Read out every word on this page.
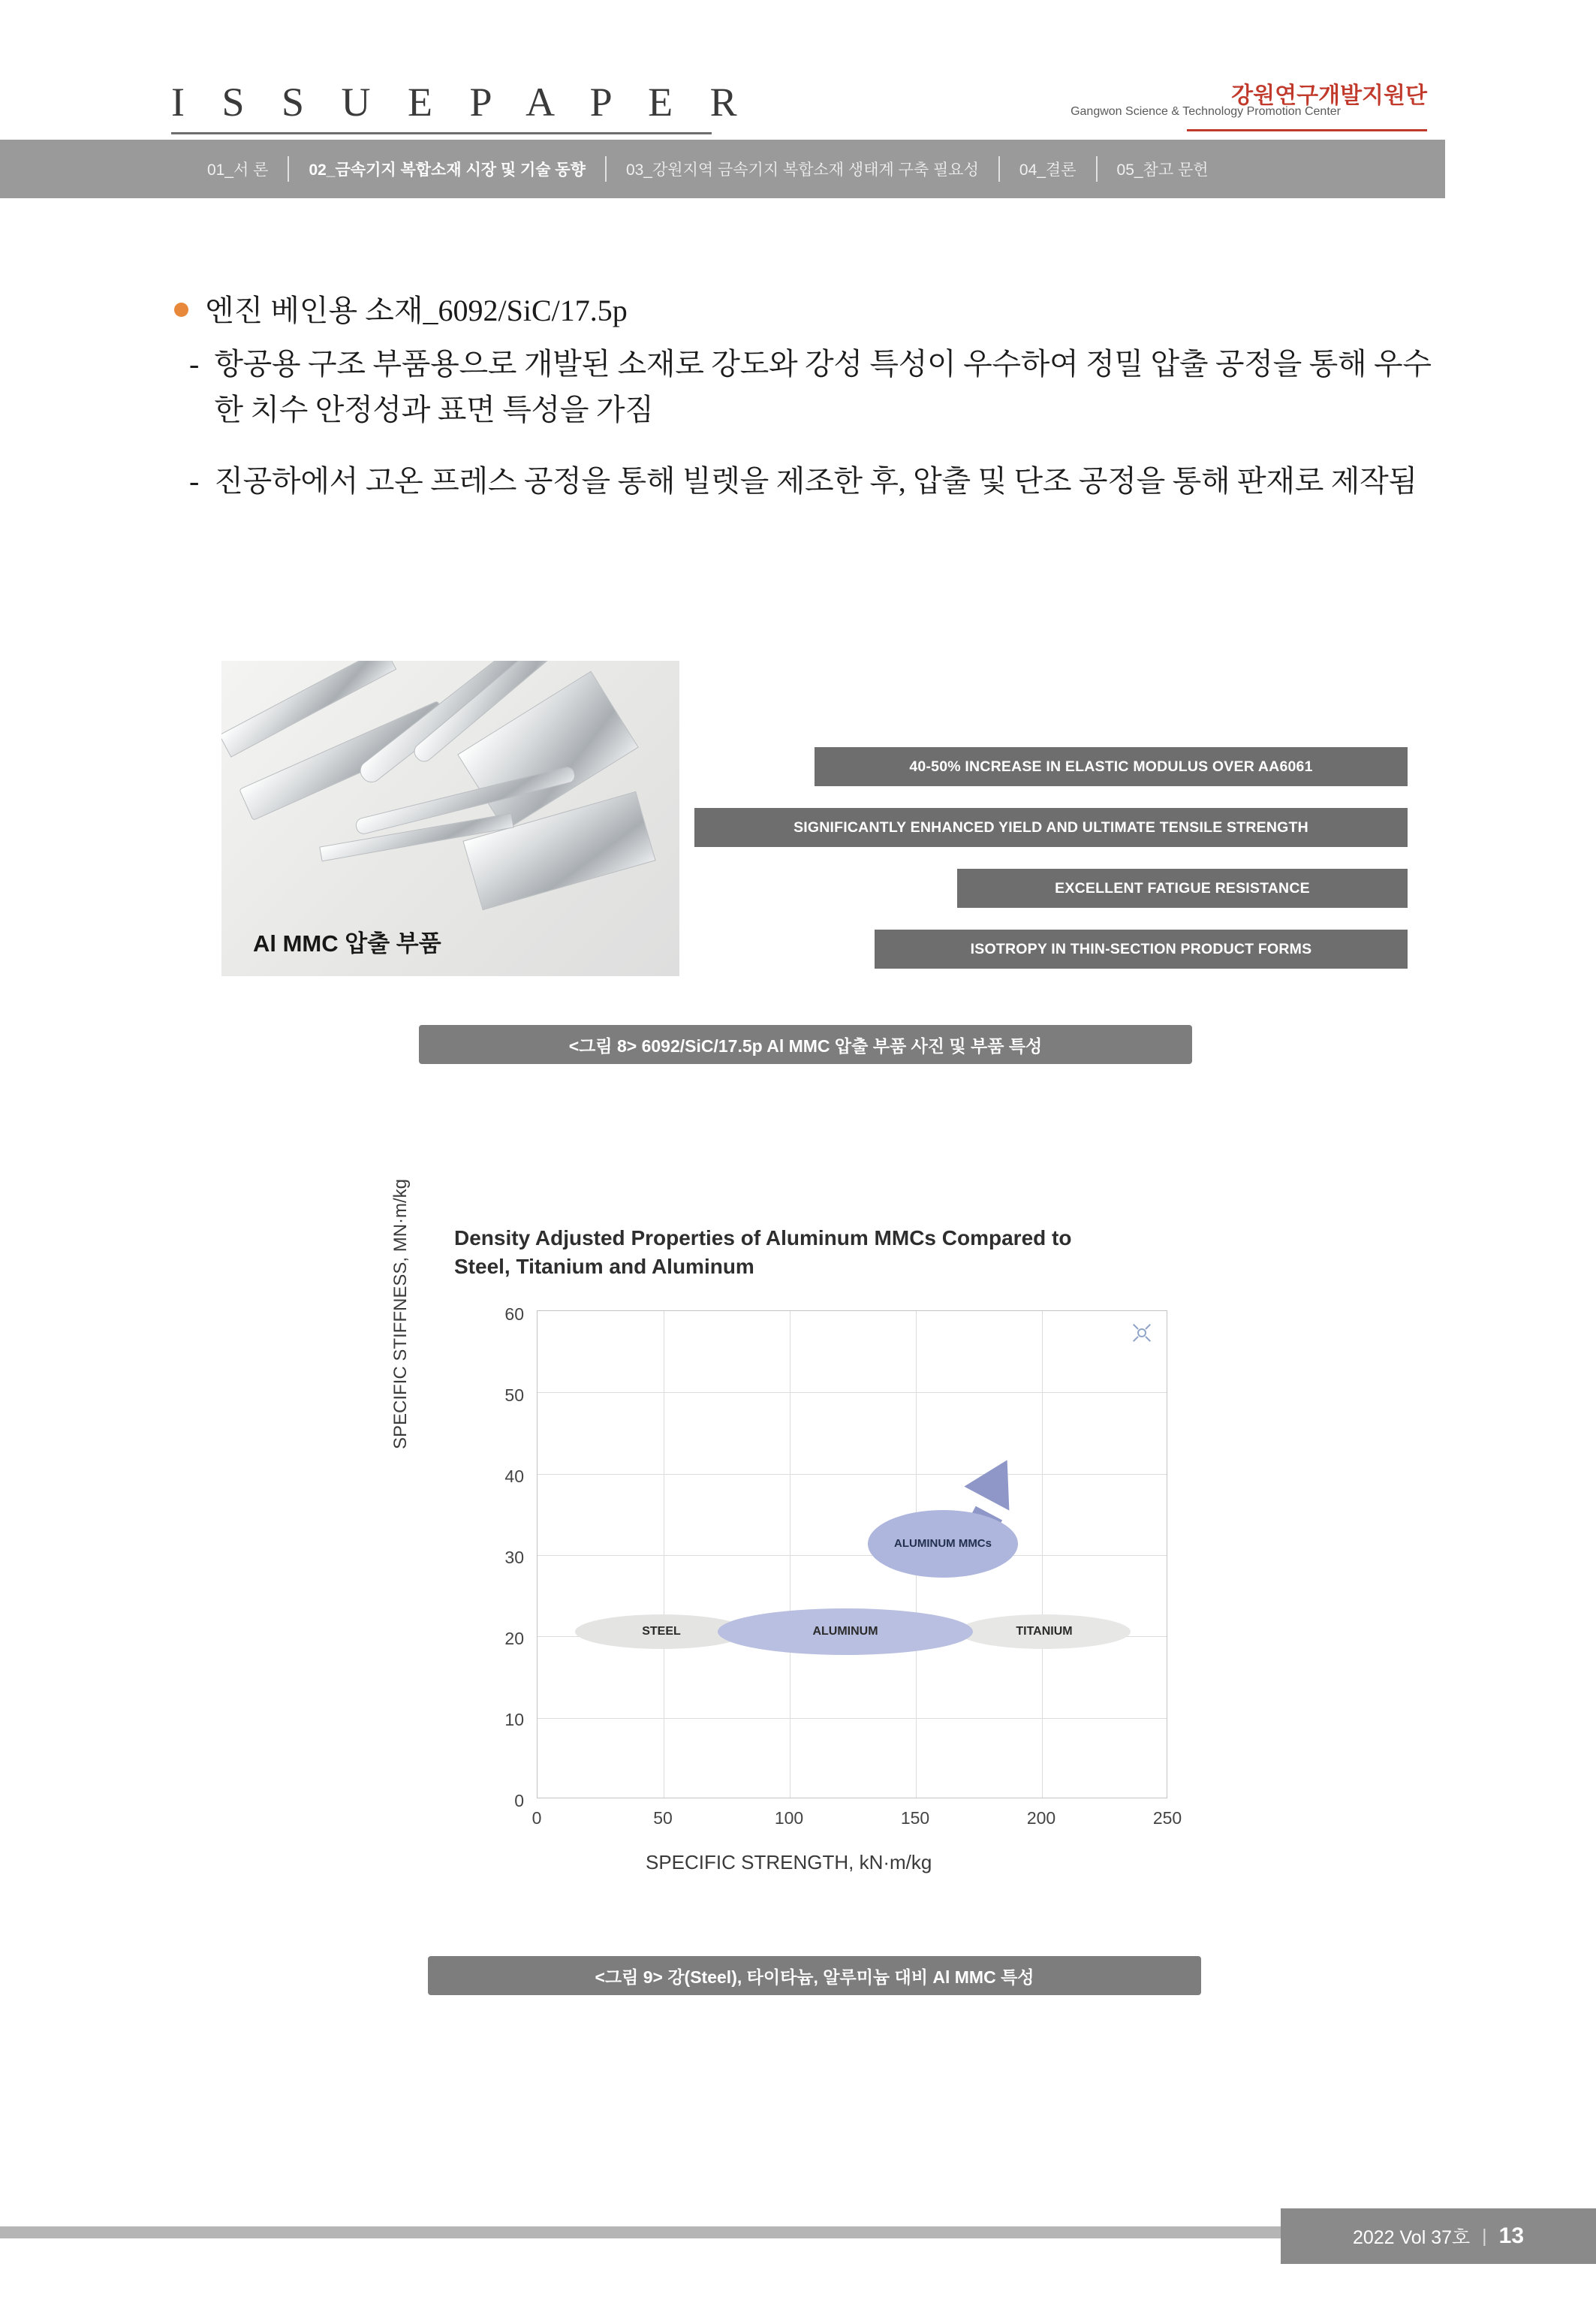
I S S U E P A P E R	Gangwon Science & Technology Promotion Center
강원연구개발지원단
01_서 론	02_금속기지 복합소재 시장 및 기술 동향	03_강원지역 금속기지 복합소재 생태계 구축 필요성	04_결론	05_참고 문헌
엔진 베인용 소재_6092/SiC/17.5p
- 항공용 구조 부품용으로 개발된 소재로 강도와 강성 특성이 우수하여 정밀 압출 공정을 통해 우수한 치수 안정성과 표면 특성을 가짐
- 진공하에서 고온 프레스 공정을 통해 빌렛을 제조한 후, 압출 및 단조 공정을 통해 판재로 제작됨
Al MMC 압출 부품
40-50% INCREASE IN ELASTIC MODULUS OVER AA6061
SIGNIFICANTLY ENHANCED YIELD AND ULTIMATE TENSILE STRENGTH
EXCELLENT FATIGUE RESISTANCE
ISOTROPY IN THIN-SECTION PRODUCT FORMS
<그림 8> 6092/SiC/17.5p Al MMC 압출 부품 사진 및 부품 특성
Density Adjusted Properties of Aluminum MMCs Compared to Steel, Titanium and Aluminum
SPECIFIC STIFFNESS, MN·m/kg
SPECIFIC STRENGTH, kN·m/kg
0
10
20
30
40
50
60
0	50	100	150	200	250
ALUMINUM MMCs
STEEL	TITANIUM
ALUMINUM
<그림 9> 강(Steel), 타이타늄, 알루미늄 대비 Al MMC 특성
2022 Vol 37호 | 13
